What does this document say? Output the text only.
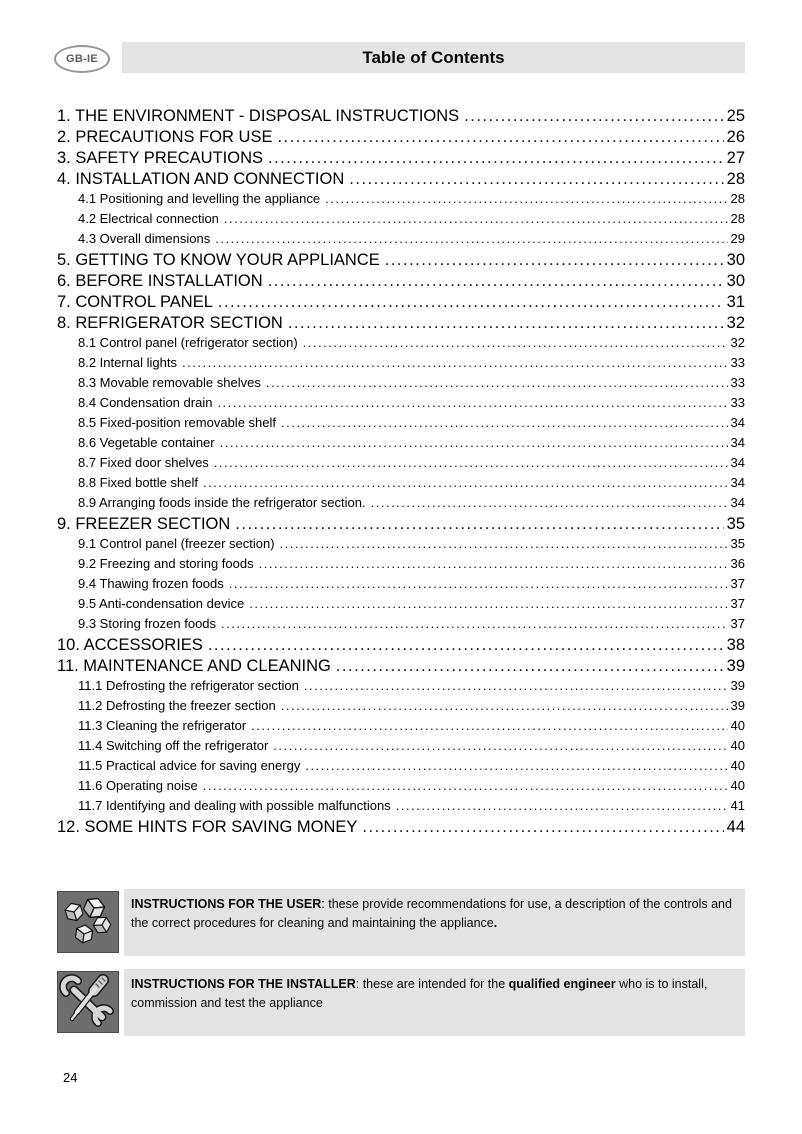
GB-IE	Table of Contents
1. THE ENVIRONMENT - DISPOSAL INSTRUCTIONS .....	25
2. PRECAUTIONS FOR USE .....	26
3. SAFETY PRECAUTIONS .....	27
4. INSTALLATION AND CONNECTION .....	28
4.1 Positioning and levelling the appliance .....	28
4.2 Electrical connection .....	28
4.3 Overall dimensions .....	29
5. GETTING TO KNOW YOUR APPLIANCE .....	30
6. BEFORE INSTALLATION .....	30
7. CONTROL PANEL .....	31
8. REFRIGERATOR SECTION .....	32
8.1 Control panel (refrigerator section) .....	32
8.2 Internal lights .....	33
8.3 Movable removable shelves .....	33
8.4 Condensation drain .....	33
8.5 Fixed-position removable shelf .....	34
8.6 Vegetable container .....	34
8.7 Fixed door shelves .....	34
8.8 Fixed bottle shelf .....	34
8.9 Arranging foods inside the refrigerator section. .....	34
9. FREEZER SECTION .....	35
9.1 Control panel (freezer section) .....	35
9.2 Freezing and storing foods .....	36
9.4 Thawing frozen foods .....	37
9.5 Anti-condensation device .....	37
9.3 Storing frozen foods .....	37
10. ACCESSORIES .....	38
11. MAINTENANCE AND CLEANING .....	39
11.1 Defrosting the refrigerator section .....	39
11.2 Defrosting the freezer section .....	39
11.3 Cleaning the refrigerator .....	40
11.4 Switching off the refrigerator .....	40
11.5 Practical advice for saving energy .....	40
11.6 Operating noise .....	40
11.7 Identifying and dealing with possible malfunctions .....	41
12. SOME HINTS FOR SAVING MONEY .....	44
INSTRUCTIONS FOR THE USER: these provide recommendations for use, a description of the controls and the correct procedures for cleaning and maintaining the appliance.
INSTRUCTIONS FOR THE INSTALLER: these are intended for the qualified engineer who is to install, commission and test the appliance
24
